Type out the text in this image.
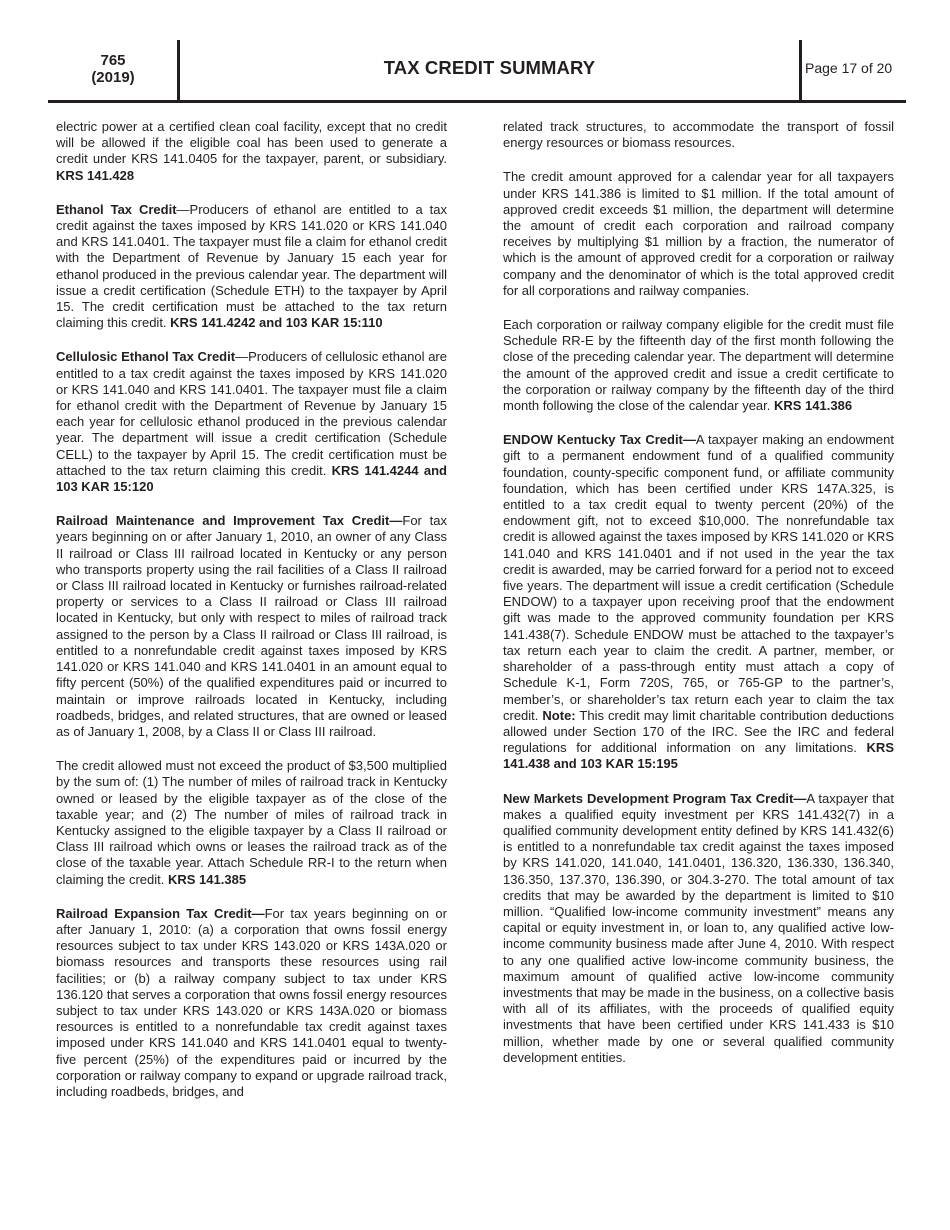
765
(2019)	TAX CREDIT SUMMARY	Page 17 of 20

electric power at a certified clean coal facility, except that no credit will be allowed if the eligible coal has been used to generate a credit under KRS 141.0405 for the taxpayer, parent, or subsidiary. KRS 141.428

Ethanol Tax Credit—Producers of ethanol are entitled to a tax credit against the taxes imposed by KRS 141.020 or KRS 141.040 and KRS 141.0401. The taxpayer must file a claim for ethanol credit with the Department of Revenue by January 15 each year for ethanol produced in the previous calendar year. The department will issue a credit certification (Schedule ETH) to the taxpayer by April 15. The credit certification must be attached to the tax return claiming this credit. KRS 141.4242 and 103 KAR 15:110

Cellulosic Ethanol Tax Credit—Producers of cellulosic ethanol are entitled to a tax credit against the taxes imposed by KRS 141.020 or KRS 141.040 and KRS 141.0401. The taxpayer must file a claim for ethanol credit with the Department of Revenue by January 15 each year for cellulosic ethanol produced in the previous calendar year. The department will issue a credit certification (Schedule CELL) to the taxpayer by April 15. The credit certification must be attached to the tax return claiming this credit. KRS 141.4244 and 103 KAR 15:120

Railroad Maintenance and Improvement Tax Credit—For tax years beginning on or after January 1, 2010, an owner of any Class II railroad or Class III railroad located in Kentucky or any person who transports property using the rail facilities of a Class II railroad or Class III railroad located in Kentucky or furnishes railroad-related property or services to a Class II railroad or Class III railroad located in Kentucky, but only with respect to miles of railroad track assigned to the person by a Class II railroad or Class III railroad, is entitled to a nonrefundable credit against taxes imposed by KRS 141.020 or KRS 141.040 and KRS 141.0401 in an amount equal to fifty percent (50%) of the qualified expenditures paid or incurred to maintain or improve railroads located in Kentucky, including roadbeds, bridges, and related structures, that are owned or leased as of January 1, 2008, by a Class II or Class III railroad.

The credit allowed must not exceed the product of $3,500 multiplied by the sum of: (1) The number of miles of railroad track in Kentucky owned or leased by the eligible taxpayer as of the close of the taxable year; and (2) The number of miles of railroad track in Kentucky assigned to the eligible taxpayer by a Class II railroad or Class III railroad which owns or leases the railroad track as of the close of the taxable year. Attach Schedule RR-I to the return when claiming the credit. KRS 141.385

Railroad Expansion Tax Credit—For tax years beginning on or after January 1, 2010: (a) a corporation that owns fossil energy resources subject to tax under KRS 143.020 or KRS 143A.020 or biomass resources and transports these resources using rail facilities; or (b) a railway company subject to tax under KRS 136.120 that serves a corporation that owns fossil energy resources subject to tax under KRS 143.020 or KRS 143A.020 or biomass resources is entitled to a nonrefundable tax credit against taxes imposed under KRS 141.040 and KRS 141.0401 equal to twenty-five percent (25%) of the expenditures paid or incurred by the corporation or railway company to expand or upgrade railroad track, including roadbeds, bridges, and

related track structures, to accommodate the transport of fossil energy resources or biomass resources.

The credit amount approved for a calendar year for all taxpayers under KRS 141.386 is limited to $1 million. If the total amount of approved credit exceeds $1 million, the department will determine the amount of credit each corporation and railroad company receives by multiplying $1 million by a fraction, the numerator of which is the amount of approved credit for a corporation or railway company and the denominator of which is the total approved credit for all corporations and railway companies.

Each corporation or railway company eligible for the credit must file Schedule RR-E by the fifteenth day of the first month following the close of the preceding calendar year. The department will determine the amount of the approved credit and issue a credit certificate to the corporation or railway company by the fifteenth day of the third month following the close of the calendar year. KRS 141.386

ENDOW Kentucky Tax Credit—A taxpayer making an endowment gift to a permanent endowment fund of a qualified community foundation, county-specific component fund, or affiliate community foundation, which has been certified under KRS 147A.325, is entitled to a tax credit equal to twenty percent (20%) of the endowment gift, not to exceed $10,000. The nonrefundable tax credit is allowed against the taxes imposed by KRS 141.020 or KRS 141.040 and KRS 141.0401 and if not used in the year the tax credit is awarded, may be carried forward for a period not to exceed five years. The department will issue a credit certification (Schedule ENDOW) to a taxpayer upon receiving proof that the endowment gift was made to the approved community foundation per KRS 141.438(7). Schedule ENDOW must be attached to the taxpayer’s tax return each year to claim the credit. A partner, member, or shareholder of a pass-through entity must attach a copy of Schedule K-1, Form 720S, 765, or 765-GP to the partner’s, member’s, or shareholder’s tax return each year to claim the tax credit. Note: This credit may limit charitable contribution deductions allowed under Section 170 of the IRC. See the IRC and federal regulations for additional information on any limitations. KRS 141.438 and 103 KAR 15:195

New Markets Development Program Tax Credit—A taxpayer that makes a qualified equity investment per KRS 141.432(7) in a qualified community development entity defined by KRS 141.432(6) is entitled to a nonrefundable tax credit against the taxes imposed by KRS 141.020, 141.040, 141.0401, 136.320, 136.330, 136.340, 136.350, 137.370, 136.390, or 304.3-270. The total amount of tax credits that may be awarded by the department is limited to $10 million. “Qualified low-income community investment” means any capital or equity investment in, or loan to, any qualified active low-income community business made after June 4, 2010. With respect to any one qualified active low-income community business, the maximum amount of qualified active low-income community investments that may be made in the business, on a collective basis with all of its affiliates, with the proceeds of qualified equity investments that have been certified under KRS 141.433 is $10 million, whether made by one or several qualified community development entities.
